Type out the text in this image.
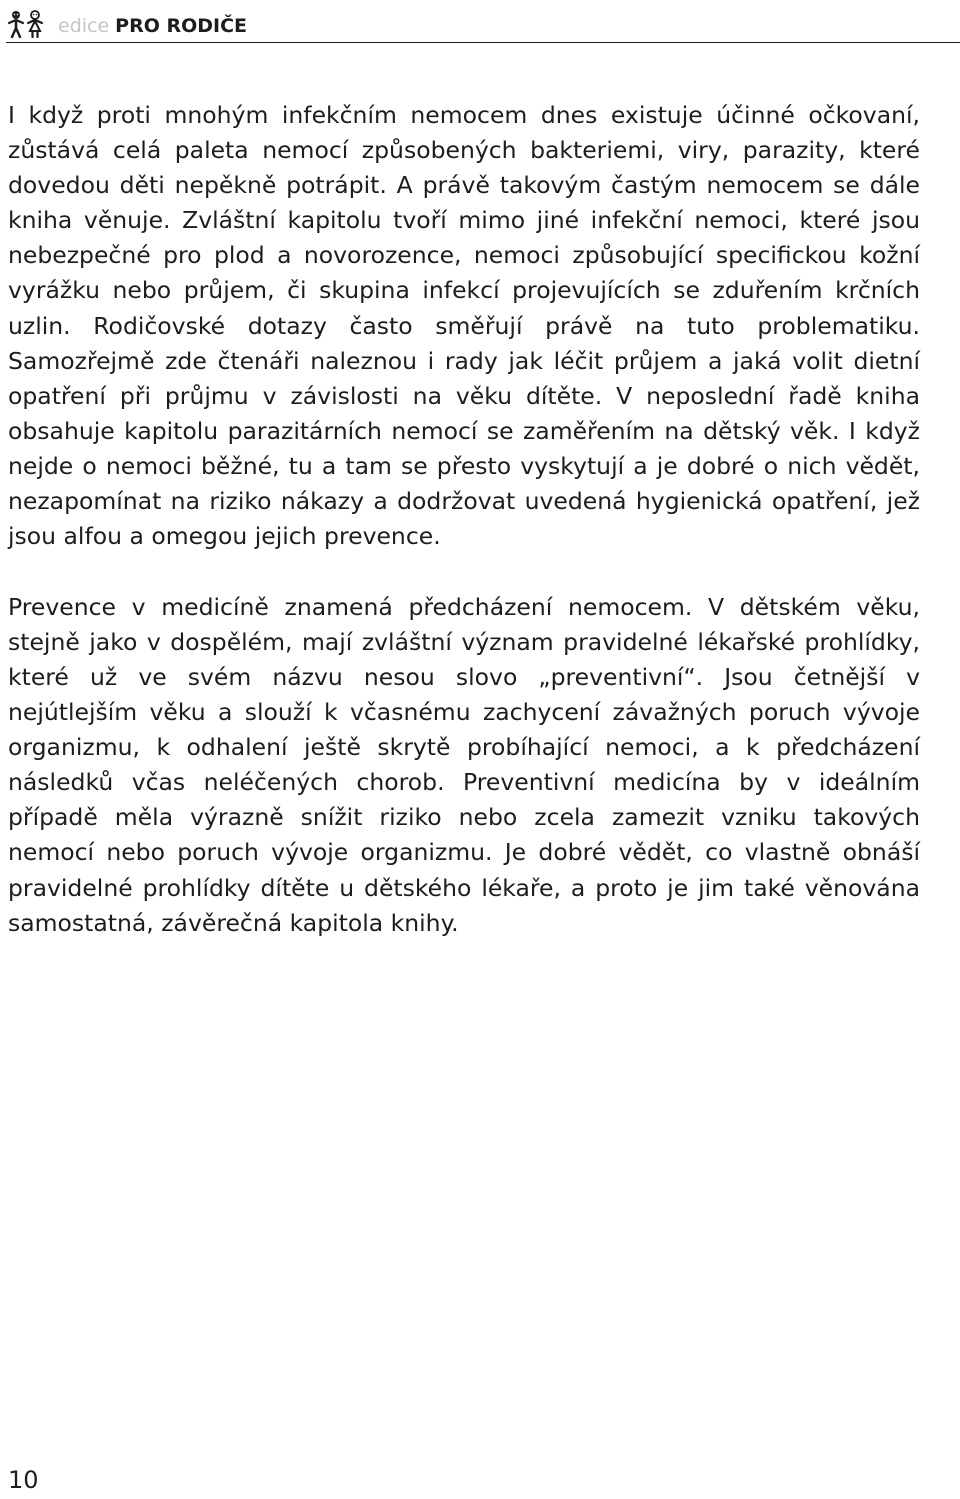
edice PRO RODIČE

I když proti mnohým infekčním nemocem dnes existuje účinné očkovaní, zůstává celá paleta nemocí způsobených bakteriemi, viry, parazity, které dovedou děti nepěkně potrápit. A právě takovým častým nemocem se dále kniha věnuje. Zvláštní kapitolu tvoří mimo jiné infekční nemoci, které jsou nebezpečné pro plod a novorozence, nemoci způsobující specifickou kožní vyrážku nebo průjem, či skupina infekcí projevujících se zduřením krčních uzlin. Rodičovské dotazy často směřují právě na tuto problematiku. Samozřejmě zde čtenáři naleznou i rady jak léčit průjem a jaká volit dietní opatření při průjmu v závislosti na věku dítěte. V neposlední řadě kniha obsahuje kapitolu parazitárních nemocí se zaměřením na dětský věk. I když nejde o nemoci běžné, tu a tam se přesto vyskytují a je dobré o nich vědět, nezapomínat na riziko nákazy a dodržovat uvedená hygienická opatření, jež jsou alfou a omegou jejich prevence.

Prevence v medicíně znamená předcházení nemocem. V dětském věku, stejně jako v dospělém, mají zvláštní význam pravidelné lékařské prohlídky, které už ve svém názvu nesou slovo „preventivní“. Jsou četnější v nejútlejším věku a slouží k včasnému zachycení závažných poruch vývoje organizmu, k odhalení ještě skrytě probíhající nemoci, a k předcházení následků včas neléčených chorob. Preventivní medicína by v ideálním případě měla výrazně snížit riziko nebo zcela zamezit vzniku takových nemocí nebo poruch vývoje organizmu. Je dobré vědět, co vlastně obnáší pravidelné prohlídky dítěte u dětského lékaře, a proto je jim také věnována samostatná, závěrečná kapitola knihy.

10
